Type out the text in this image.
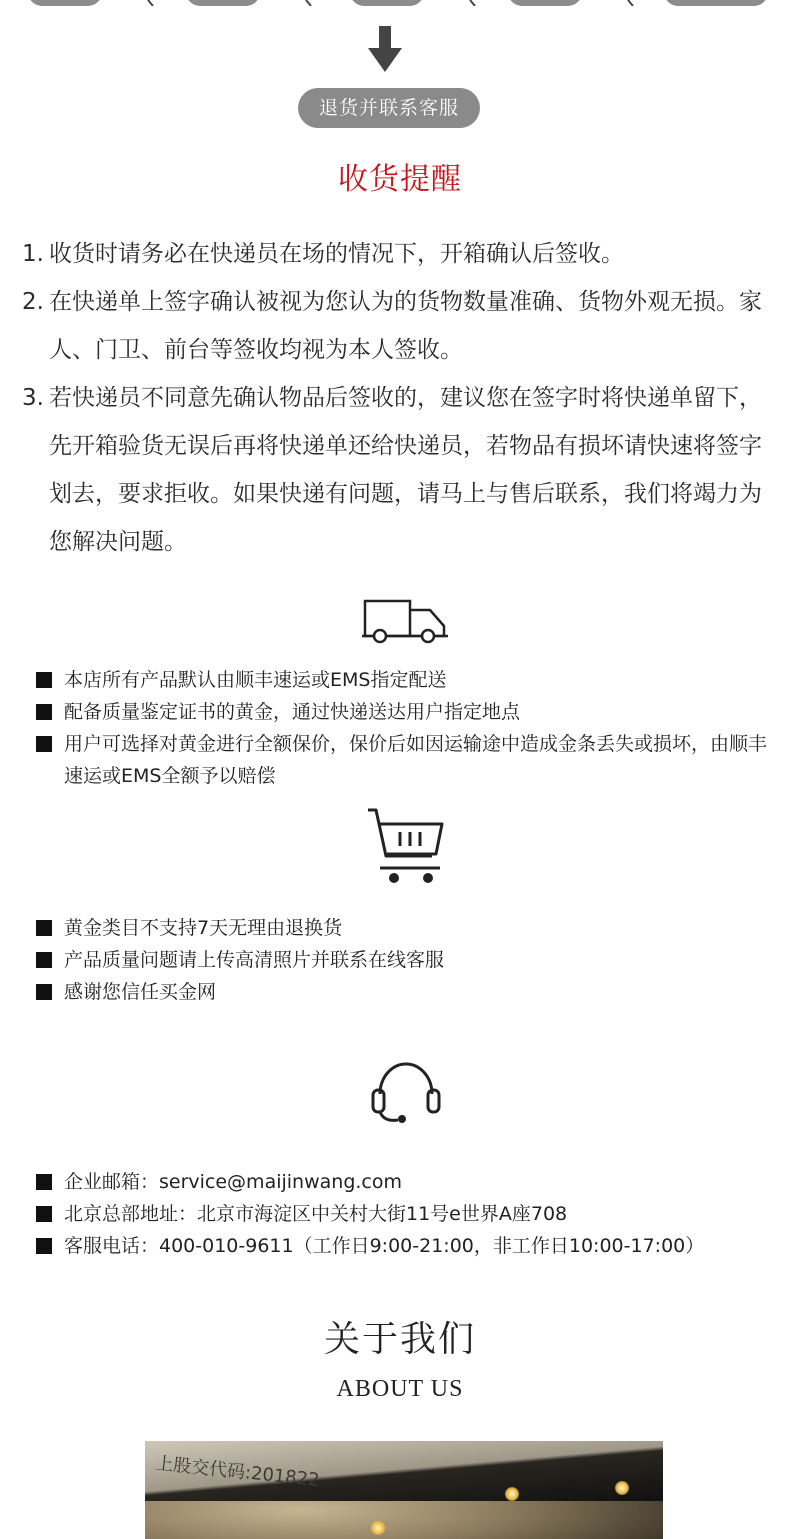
退货并联系客服
收货提醒
1. 收货时请务必在快递员在场的情况下，开箱确认后签收。
2. 在快递单上签字确认被视为您认为的货物数量准确、货物外观无损。家人、门卫、前台等签收均视为本人签收。
3. 若快递员不同意先确认物品后签收的，建议您在签字时将快递单留下，先开箱验货无误后再将快递单还给快递员，若物品有损坏请快速将签字划去，要求拒收。如果快递有问题，请马上与售后联系，我们将竭力为您解决问题。
本店所有产品默认由顺丰速运或EMS指定配送
配备质量鉴定证书的黄金，通过快递送达用户指定地点
用户可选择对黄金进行全额保价，保价后如因运输途中造成金条丢失或损坏，由顺丰速运或EMS全额予以赔偿
黄金类目不支持7天无理由退换货
产品质量问题请上传高清照片并联系在线客服
感谢您信任买金网
企业邮箱：service@maijinwang.com
北京总部地址：北京市海淀区中关村大街11号e世界A座708
客服电话：400-010-9611（工作日9:00-21:00，非工作日10:00-17:00）
关于我们
ABOUT US
上股交代码:201822
